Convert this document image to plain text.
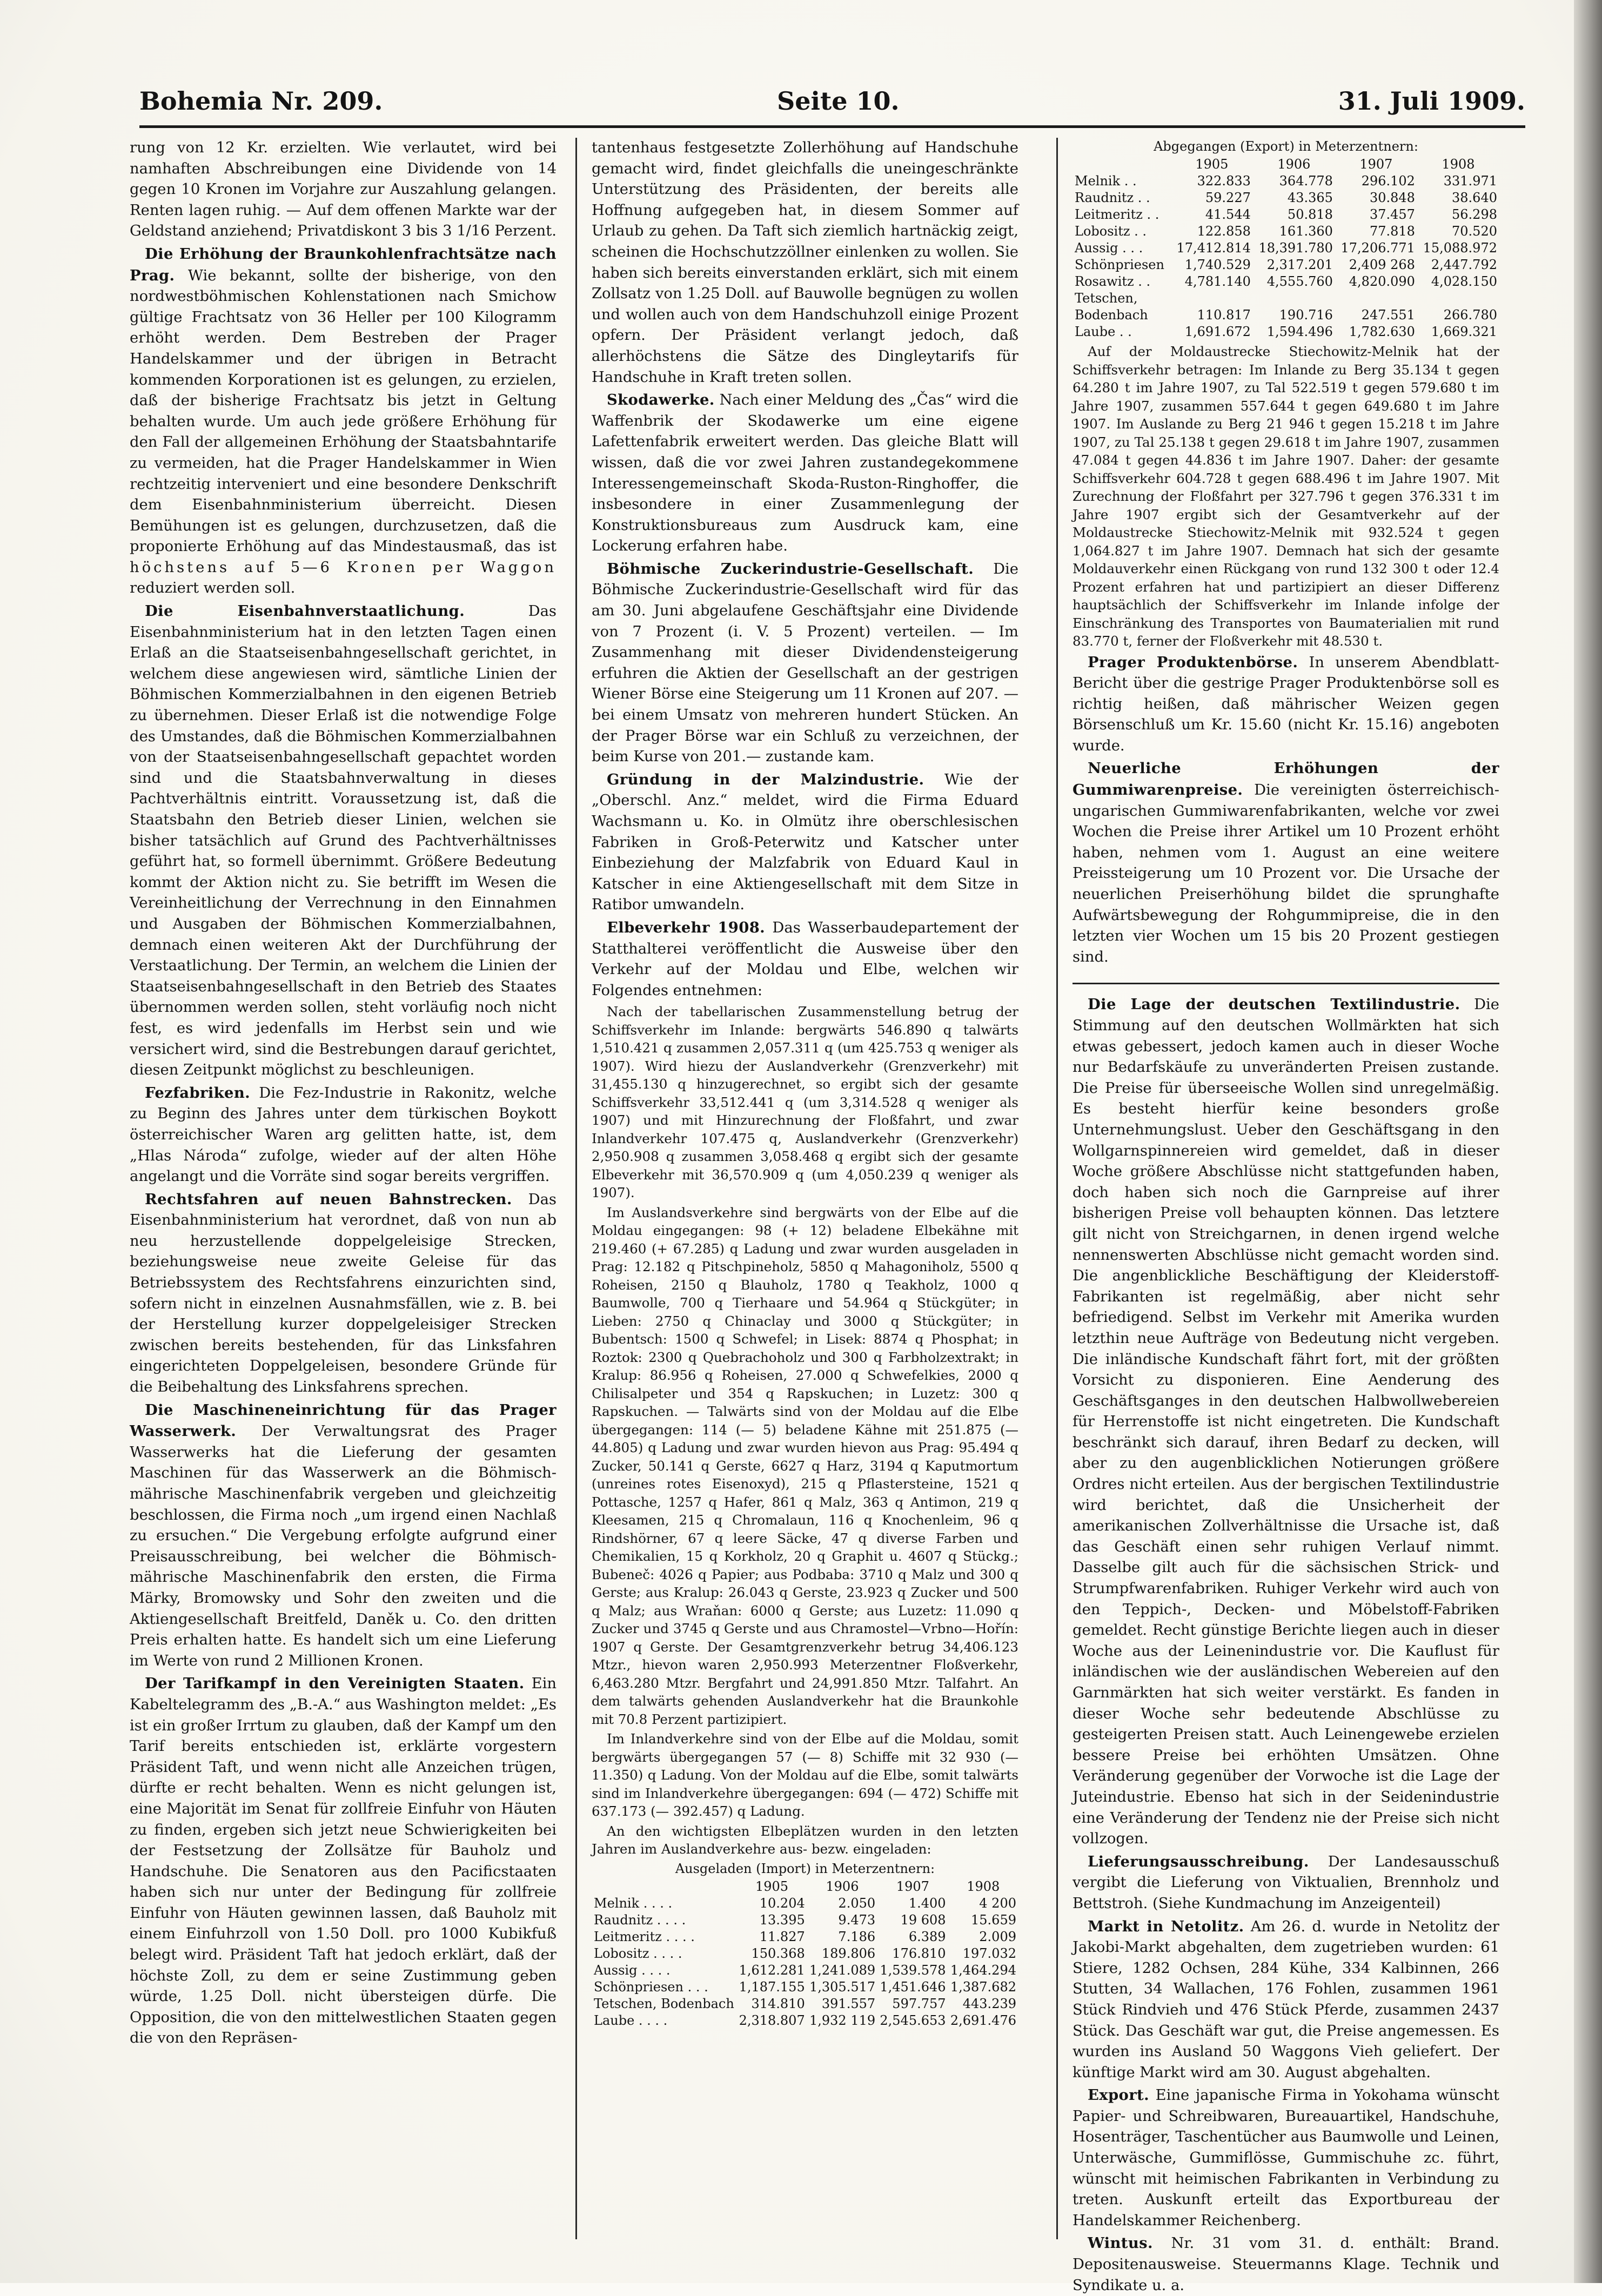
Bohemia Nr. 209.	Seite 10.	31. Juli 1909.

rung von 12 Kr. erzielten. Wie verlautet, wird bei namhaften Abschreibungen eine Dividende von 14 gegen 10 Kronen im Vorjahre zur Auszahlung gelangen. Renten lagen ruhig. — Auf dem offenen Markte war der Geldstand anziehend; Privatdiskont 3 bis 3 1/16 Perzent.

Die Erhöhung der Braunkohlenfrachtsätze nach Prag. Wie bekannt, sollte der bisherige, von den nordwestböhmischen Kohlenstationen nach Smichow gültige Frachtsatz von 36 Heller per 100 Kilogramm erhöht werden. Dem Bestreben der Prager Handelskammer und der übrigen in Betracht kommenden Korporationen ist es gelungen, zu erzielen, daß der bisherige Frachtsatz bis jetzt in Geltung behalten wurde. Um auch jede größere Erhöhung für den Fall der allgemeinen Erhöhung der Staatsbahntarife zu vermeiden, hat die Prager Handelskammer in Wien rechtzeitig interveniert und eine besondere Denkschrift dem Eisenbahnministerium überreicht. Diesen Bemühungen ist es gelungen, durchzusetzen, daß die proponierte Erhöhung auf das Mindestausmaß, das ist höchstens auf 5—6 Kronen per Waggon reduziert werden soll.

Die Eisenbahnverstaatlichung.	Das Eisenbahnministerium hat in den letzten Tagen einen Erlaß an die Staatseisenbahngesellschaft gerichtet, in welchem diese angewiesen wird, sämtliche Linien der Böhmischen Kommerzialbahnen in den eigenen Betrieb zu übernehmen. Dieser Erlaß ist die notwendige Folge des Umstandes, daß die Böhmischen Kommerzialbahnen von der Staatseisenbahngesellschaft gepachtet worden sind und die Staatsbahnverwaltung in dieses Pachtverhältnis eintritt. Voraussetzung ist, daß die Staatsbahn den Betrieb dieser Linien, welchen sie bisher tatsächlich auf Grund des Pachtverhältnisses geführt hat, so formell übernimmt. Größere Bedeutung kommt der Aktion nicht zu. Sie betrifft im Wesen die Vereinheitlichung der Verrechnung in den Einnahmen und Ausgaben der Böhmischen Kommerzialbahnen, demnach einen weiteren Akt der Durchführung der Verstaatlichung. Der Termin, an welchem die Linien der Staatseisenbahngesellschaft in den Betrieb des Staates übernommen werden sollen, steht vorläufig noch nicht fest, es wird jedenfalls im Herbst sein und wie versichert wird, sind die Bestrebungen darauf gerichtet, diesen Zeitpunkt möglichst zu beschleunigen.

Fezfabriken. Die Fez-Industrie in Rakonitz, welche zu Beginn des Jahres unter dem türkischen Boykott österreichischer Waren arg gelitten hatte, ist, dem „Hlas Národa“ zufolge, wieder auf der alten Höhe angelangt und die Vorräte sind sogar bereits vergriffen.

Rechtsfahren auf neuen Bahnstrecken. Das Eisenbahnministerium hat verordnet, daß von nun ab neu herzustellende doppelgeleisige Strecken, beziehungsweise neue zweite Geleise für das Betriebssystem des Rechtsfahrens einzurichten sind, sofern nicht in einzelnen Ausnahmsfällen, wie z. B. bei der Herstellung kurzer doppelgeleisiger Strecken zwischen bereits bestehenden, für das Linksfahren eingerichteten Doppelgeleisen, besondere Gründe für die Beibehaltung des Linksfahrens sprechen.

Die Maschineneinrichtung für das Prager Wasserwerk. Der Verwaltungsrat des Prager Wasserwerks hat die Lieferung der gesamten Maschinen für das Wasserwerk an die Böhmisch-mährische Maschinenfabrik vergeben und gleichzeitig beschlossen, die Firma noch „um irgend einen Nachlaß zu ersuchen.“ Die Vergebung erfolgte aufgrund einer Preisausschreibung, bei welcher die Böhmisch-mährische Maschinenfabrik den ersten, die Firma Märky, Bromowsky und Sohr den zweiten und die Aktiengesellschaft Breitfeld, Daněk u. Co. den dritten Preis erhalten hatte. Es handelt sich um eine Lieferung im Werte von rund 2 Millionen Kronen.

Der Tarifkampf in den Vereinigten Staaten. Ein Kabeltelegramm des „B.-A.“ aus Washington meldet: „Es ist ein großer Irrtum zu glauben, daß der Kampf um den Tarif bereits entschieden ist, erklärte vorgestern Präsident Taft, und wenn nicht alle Anzeichen trügen, dürfte er recht behalten. Wenn es nicht gelungen ist, eine Majorität im Senat für zollfreie Einfuhr von Häuten zu finden, ergeben sich jetzt neue Schwierigkeiten bei der Festsetzung der Zollsätze für Bauholz und Handschuhe. Die Senatoren aus den Pacificstaaten haben sich nur unter der Bedingung für zollfreie Einfuhr von Häuten gewinnen lassen, daß Bauholz mit einem Einfuhrzoll von 1.50 Doll. pro 1000 Kubikfuß belegt wird. Präsident Taft hat jedoch erklärt, daß der höchste Zoll, zu dem er seine Zustimmung geben würde, 1.25 Doll. nicht übersteigen dürfe. Die Opposition, die von den mittelwestlichen Staaten gegen die von den Repräsen-

tantenhaus festgesetzte Zollerhöhung auf Handschuhe gemacht wird, findet gleichfalls die uneingeschränkte Unterstützung des Präsidenten, der bereits alle Hoffnung aufgegeben hat, in diesem Sommer auf Urlaub zu gehen. Da Taft sich ziemlich hartnäckig zeigt, scheinen die Hochschutzzöllner einlenken zu wollen. Sie haben sich bereits einverstanden erklärt, sich mit einem Zollsatz von 1.25 Doll. auf Bauwolle begnügen zu wollen und wollen auch von dem Handschuhzoll einige Prozent opfern. Der Präsident verlangt jedoch, daß allerhöchstens die Sätze des Dingleytarifs für Handschuhe in Kraft treten sollen.

Skodawerke. Nach einer Meldung des „Čas“ wird die Waffenbrik der Skodawerke um eine eigene Lafettenfabrik erweitert werden. Das gleiche Blatt will wissen, daß die vor zwei Jahren zustandegekommene Interessengemeinschaft Skoda-Ruston-Ringhoffer, die insbesondere in einer Zusammenlegung der Konstruktionsbureaus zum Ausdruck kam, eine Lockerung erfahren habe.

Böhmische Zuckerindustrie-Gesellschaft. Die Böhmische Zuckerindustrie-Gesellschaft wird für das am 30. Juni abgelaufene Geschäftsjahr eine Dividende von 7 Prozent (i. V. 5 Prozent) verteilen. — Im Zusammenhang mit dieser Dividendensteigerung erfuhren die Aktien der Gesellschaft an der gestrigen Wiener Börse eine Steigerung um 11 Kronen auf 207. — bei einem Umsatz von mehreren hundert Stücken. An der Prager Börse war ein Schluß zu verzeichnen, der beim Kurse von 201.— zustande kam.

Gründung in der Malzindustrie. Wie der „Oberschl. Anz.“ meldet, wird die Firma Eduard Wachsmann u. Ko. in Olmütz ihre oberschlesischen Fabriken in Groß-Peterwitz und Katscher unter Einbeziehung der Malzfabrik von Eduard Kaul in Katscher in eine Aktiengesellschaft mit dem Sitze in Ratibor umwandeln.

Elbeverkehr 1908. Das Wasserbaudepartement der Statthalterei veröffentlicht die Ausweise über den Verkehr auf der Moldau und Elbe, welchen wir Folgendes entnehmen:

Nach der tabellarischen Zusammenstellung betrug der Schiffsverkehr im Inlande: bergwärts 546.890 q talwärts 1,510.421 q zusammen 2,057.311 q (um 425.753 q weniger als 1907). Wird hiezu der Auslandverkehr (Grenzverkehr) mit 31,455.130 q hinzugerechnet, so ergibt sich der gesamte Schiffsverkehr 33,512.441 q (um 3,314.528 q weniger als 1907) und mit Hinzurechnung der Floßfahrt, und zwar Inlandverkehr 107.475 q, Auslandverkehr (Grenzverkehr) 2,950.908 q zusammen 3,058.468 q ergibt sich der gesamte Elbeverkehr mit 36,570.909 q (um 4,050.239 q weniger als 1907).

Im Auslandsverkehre sind bergwärts von der Elbe auf die Moldau eingegangen: 98 (+ 12) beladene Elbekähne mit 219.460 (+ 67.285) q Ladung und zwar wurden ausgeladen in Prag: 12.182 q Pitschpineholz, 5850 q Mahagoniholz, 5500 q Roheisen, 2150 q Blauholz, 1780 q Teakholz, 1000 q Baumwolle, 700 q Tierhaare und 54.964 q Stückgüter; in Lieben: 2750 q Chinaclay und 3000 q Stückgüter; in Bubentsch: 1500 q Schwefel; in Lisek: 8874 q Phosphat; in Roztok: 2300 q Quebrachoholz und 300 q Farbholzextrakt; in Kralup: 86.956 q Roheisen, 27.000 q Schwefelkies, 2000 q Chilisalpeter und 354 q Rapskuchen; in Luzetz: 300 q Rapskuchen. — Talwärts sind von der Moldau auf die Elbe übergegangen: 114 (— 5) beladene Kähne mit 251.875 (— 44.805) q Ladung und zwar wurden hievon aus Prag: 95.494 q Zucker, 50.141 q Gerste, 6627 q Harz, 3194 q Kaputmortum (unreines rotes Eisenoxyd), 215 q Pflastersteine, 1521 q Pottasche, 1257 q Hafer, 861 q Malz, 363 q Antimon, 219 q Kleesamen, 215 q Chromalaun, 116 q Knochenleim, 96 q Rindshörner, 67 q leere Säcke, 47 q diverse Farben und Chemikalien, 15 q Korkholz, 20 q Graphit u. 4607 q Stückg.; Bubeneč: 4026 q Papier; aus Podbaba: 3710 q Malz und 300 q Gerste; aus Kralup: 26.043 q Gerste, 23.923 q Zucker und 500 q Malz; aus Wraňan: 6000 q Gerste; aus Luzetz: 11.090 q Zucker und 3745 q Gerste und aus Chramostel—Vrbno—Hořín: 1907 q Gerste. Der Gesamtgrenzverkehr betrug 34,406.123 Mtzr., hievon waren 2,950.993 Meterzentner Floßverkehr, 6,463.280 Mtzr. Bergfahrt und 24,991.850 Mtzr. Talfahrt. An dem talwärts gehenden Auslandverkehr hat die Braunkohle mit 70.8 Perzent partizipiert.

Im Inlandverkehre sind von der Elbe auf die Moldau, somit bergwärts übergegangen 57 (— 8) Schiffe mit 32 930 (— 11.350) q Ladung. Von der Moldau auf die Elbe, somit talwärts sind im Inlandverkehre übergegangen: 694 (— 472) Schiffe mit 637.173 (— 392.457) q Ladung.

An den wichtigsten Elbeplätzen wurden in den letzten Jahren im Auslandverkehre aus- bezw. eingeladen:

Ausgeladen (Import) in Meterzentnern:
	1905	1906	1907	1908
Melnik . . . .	10.204	2.050	1.400	4 200
Raudnitz . . . .	13.395	9.473	19 608	15.659
Leitmeritz . . . .	11.827	7.186	6.389	2.009
Lobositz . . . .	150.368	189.806	176.810	197.032
Aussig . . . .	1,612.281	1,241.089	1,539.578	1,464.294
Schönpriesen . . .	1,187.155	1,305.517	1,451.646	1,387.682
Tetschen, Bodenbach	314.810	391.557	597.757	443.239
Laube . . . .	2,318.807	1,932 119	2,545.653	2,691.476
Abgegangen (Export) in Meterzentnern:
	1905	1906	1907	1908
Melnik . .	322.833	364.778	296.102	331.971
Raudnitz . .	59.227	43.365	30.848	38.640
Leitmeritz . .	41.544	50.818	37.457	56.298
Lobositz . .	122.858	161.360	77.818	70.520
Aussig . . .	17,412.814	18,391.780	17,206.771	15,088.972
Schönpriesen	1,740.529	2,317.201	2,409 268	2,447.792
Rosawitz . .	4,781.140	4,555.760	4,820.090	4,028.150
Tetschen,				
Bodenbach	110.817	190.716	247.551	266.780
Laube . .	1,691.672	1,594.496	1,782.630	1,669.321

Auf der Moldaustrecke Stiechowitz-Melnik hat der Schiffsverkehr betragen: Im Inlande zu Berg 35.134 t gegen 64.280 t im Jahre 1907, zu Tal 522.519 t gegen 579.680 t im Jahre 1907, zusammen 557.644 t gegen 649.680 t im Jahre 1907. Im Auslande zu Berg 21 946 t gegen 15.218 t im Jahre 1907, zu Tal 25.138 t gegen 29.618 t im Jahre 1907, zusammen 47.084 t gegen 44.836 t im Jahre 1907. Daher: der gesamte Schiffsverkehr 604.728 t gegen 688.496 t im Jahre 1907. Mit Zurechnung der Floßfahrt per 327.796 t gegen 376.331 t im Jahre 1907 ergibt sich der Gesamtverkehr auf der Moldaustrecke Stiechowitz-Melnik mit 932.524 t gegen 1,064.827 t im Jahre 1907. Demnach hat sich der gesamte Moldauverkehr einen Rückgang von rund 132 300 t oder 12.4 Prozent erfahren hat und partizipiert an dieser Differenz hauptsächlich der Schiffsverkehr im Inlande infolge der Einschränkung des Transportes von Baumaterialien mit rund 83.770 t, ferner der Floßverkehr mit 48.530 t.

Prager Produktenbörse. In unserem Abendblatt-Bericht über die gestrige Prager Produktenbörse soll es richtig heißen, daß mährischer Weizen gegen Börsenschluß um Kr. 15.60 (nicht Kr. 15.16) angeboten wurde.

Neuerliche Erhöhungen der Gummiwarenpreise. Die vereinigten österreichisch-ungarischen Gummiwarenfabrikanten, welche vor zwei Wochen die Preise ihrer Artikel um 10 Prozent erhöht haben, nehmen vom 1. August an eine weitere Preissteigerung um 10 Prozent vor. Die Ursache der neuerlichen Preiserhöhung bildet die sprunghafte Aufwärtsbewegung der Rohgummipreise, die in den letzten vier Wochen um 15 bis 20 Prozent gestiegen sind.

Die Lage der deutschen Textilindustrie. Die Stimmung auf den deutschen Wollmärkten hat sich etwas gebessert, jedoch kamen auch in dieser Woche nur Bedarfskäufe zu unveränderten Preisen zustande. Die Preise für überseeische Wollen sind unregelmäßig. Es besteht hierfür keine besonders große Unternehmungslust. Ueber den Geschäftsgang in den Wollgarnspinnereien wird gemeldet, daß in dieser Woche größere Abschlüsse nicht stattgefunden haben, doch haben sich noch die Garnpreise auf ihrer bisherigen Preise voll behaupten können. Das letztere gilt nicht von Streichgarnen, in denen irgend welche nennenswerten Abschlüsse nicht gemacht worden sind. Die angenblickliche Beschäftigung der Kleiderstoff-Fabrikanten ist regelmäßig, aber nicht sehr befriedigend. Selbst im Verkehr mit Amerika wurden letzthin neue Aufträge von Bedeutung nicht vergeben. Die inländische Kundschaft fährt fort, mit der größten Vorsicht zu disponieren. Eine Aenderung des Geschäftsganges in den deutschen Halbwollwebereien für Herrenstoffe ist nicht eingetreten. Die Kundschaft beschränkt sich darauf, ihren Bedarf zu decken, will aber zu den augenblicklichen Notierungen größere Ordres nicht erteilen. Aus der bergischen Textilindustrie wird berichtet, daß die Unsicherheit der amerikanischen Zollverhältnisse die Ursache ist, daß das Geschäft einen sehr ruhigen Verlauf nimmt. Dasselbe gilt auch für die sächsischen Strick- und Strumpfwarenfabriken. Ruhiger Verkehr wird auch von den Teppich-, Decken- und Möbelstoff-Fabriken gemeldet. Recht günstige Berichte liegen auch in dieser Woche aus der Leinenindustrie vor. Die Kauflust für inländischen wie der ausländischen Webereien auf den Garnmärkten hat sich weiter verstärkt. Es fanden in dieser Woche sehr bedeutende Abschlüsse zu gesteigerten Preisen statt. Auch Leinengewebe erzielen bessere Preise bei erhöhten Umsätzen. Ohne Veränderung gegenüber der Vorwoche ist die Lage der Juteindustrie. Ebenso hat sich in der Seidenindustrie eine Veränderung der Tendenz nie der Preise sich nicht vollzogen.

Lieferungsausschreibung. Der Landesausschuß vergibt die Lieferung von Viktualien, Brennholz und Bettstroh. (Siehe Kundmachung im Anzeigenteil)

Markt in Netolitz. Am 26. d. wurde in Netolitz der Jakobi-Markt abgehalten, dem zugetrieben wurden: 61 Stiere, 1282 Ochsen, 284 Kühe, 334 Kalbinnen, 266 Stutten, 34 Wallachen, 176 Fohlen, zusammen 1961 Stück Rindvieh und 476 Stück Pferde, zusammen 2437 Stück. Das Geschäft war gut, die Preise angemessen. Es wurden ins Ausland 50 Waggons Vieh geliefert. Der künftige Markt wird am 30. August abgehalten.

Export. Eine japanische Firma in Yokohama wünscht Papier- und Schreibwaren, Bureauartikel, Handschuhe, Hosenträger, Taschentücher aus Baumwolle und Leinen, Unterwäsche, Gummiflösse, Gummischuhe zc. führt, wünscht mit heimischen Fabrikanten in Verbindung zu treten. Auskunft erteilt das Exportbureau der Handelskammer Reichenberg.

Wintus. Nr. 31 vom 31. d. enthält: Brand. Depositenausweise. Steuermanns Klage. Technik und Syndikate u. a.
